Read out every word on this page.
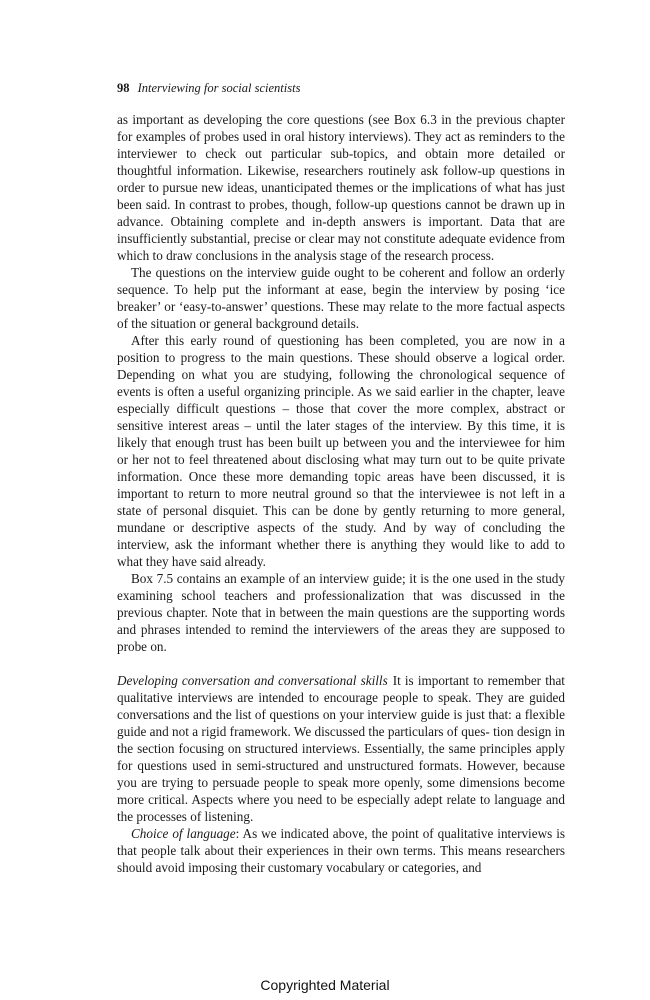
98 Interviewing for social scientists

as important as developing the core questions (see Box 6.3 in the previous chapter for examples of probes used in oral history interviews). They act as reminders to the interviewer to check out particular sub-topics, and obtain more detailed or thoughtful information. Likewise, researchers routinely ask follow-up questions in order to pursue new ideas, unanticipated themes or the implications of what has just been said. In contrast to probes, though, follow-up questions cannot be drawn up in advance. Obtaining complete and in-depth answers is important. Data that are insufficiently substantial, precise or clear may not constitute adequate evidence from which to draw conclusions in the analysis stage of the research process.

The questions on the interview guide ought to be coherent and follow an orderly sequence. To help put the informant at ease, begin the interview by posing ‘ice breaker’ or ‘easy-to-answer’ questions. These may relate to the more factual aspects of the situation or general background details.

After this early round of questioning has been completed, you are now in a position to progress to the main questions. These should observe a logical order. Depending on what you are studying, following the chronological sequence of events is often a useful organizing principle. As we said earlier in the chapter, leave especially difficult questions – those that cover the more complex, abstract or sensitive interest areas – until the later stages of the interview. By this time, it is likely that enough trust has been built up between you and the interviewee for him or her not to feel threatened about disclosing what may turn out to be quite private information. Once these more demanding topic areas have been discussed, it is important to return to more neutral ground so that the interviewee is not left in a state of personal disquiet. This can be done by gently returning to more general, mundane or descriptive aspects of the study. And by way of concluding the interview, ask the informant whether there is anything they would like to add to what they have said already.

Box 7.5 contains an example of an interview guide; it is the one used in the study examining school teachers and professionalization that was discussed in the previous chapter. Note that in between the main questions are the supporting words and phrases intended to remind the interviewers of the areas they are supposed to probe on.

Developing conversation and conversational skills It is important to remember that qualitative interviews are intended to encourage people to speak. They are guided conversations and the list of questions on your interview guide is just that: a flexible guide and not a rigid framework. We discussed the particulars of ques- tion design in the section focusing on structured interviews. Essentially, the same principles apply for questions used in semi-structured and unstructured formats. However, because you are trying to persuade people to speak more openly, some dimensions become more critical. Aspects where you need to be especially adept relate to language and the processes of listening.

Choice of language: As we indicated above, the point of qualitative interviews is that people talk about their experiences in their own terms. This means researchers should avoid imposing their customary vocabulary or categories, and

Copyrighted Material
